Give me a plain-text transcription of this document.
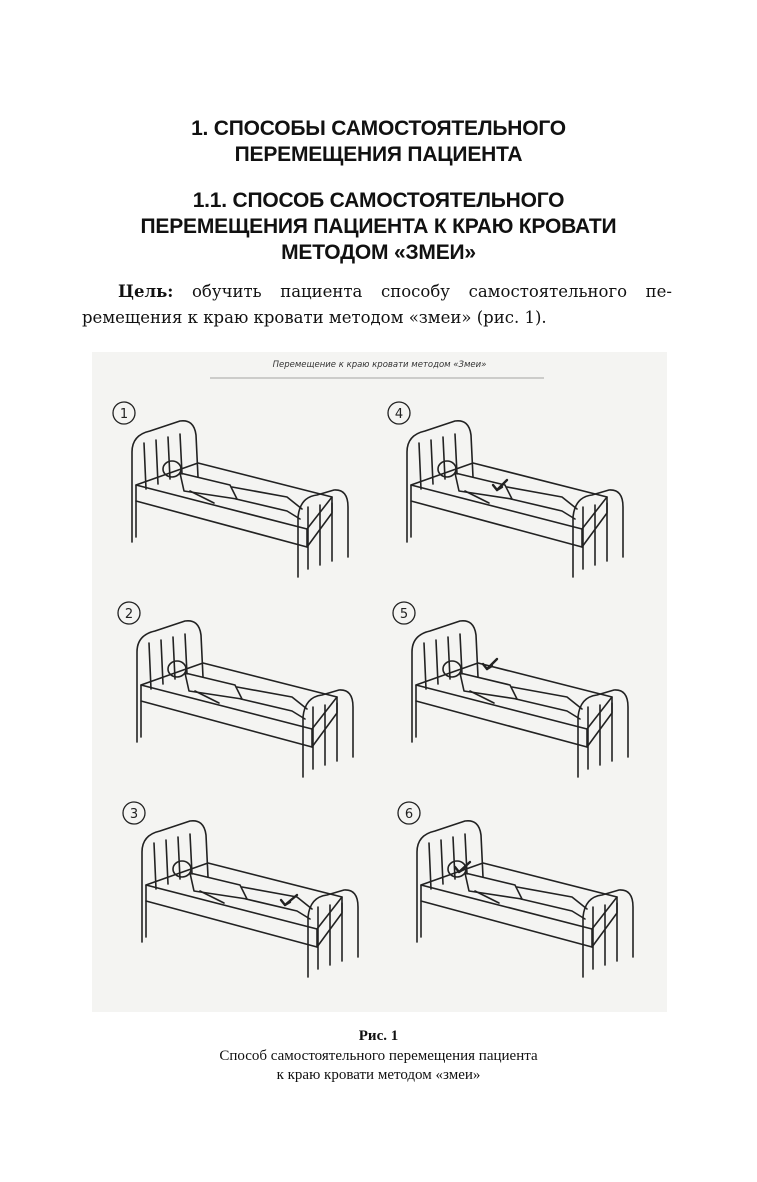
1. СПОСОБЫ САМОСТОЯТЕЛЬНОГО
ПЕРЕМЕЩЕНИЯ ПАЦИЕНТА
1.1. СПОСОБ САМОСТОЯТЕЛЬНОГО
ПЕРЕМЕЩЕНИЯ ПАЦИЕНТА К КРАЮ КРОВАТИ
МЕТОДОМ «ЗМЕИ»
Цель: обучить пациента способу самостоятельного пе-
ремещения к краю кровати методом «змеи» (рис. 1).
1	4
2	5
3	6
Перемещение к краю кровати методом «Змеи»
Рис. 1
Способ самостоятельного перемещения пациента
к краю кровати методом «змеи»
